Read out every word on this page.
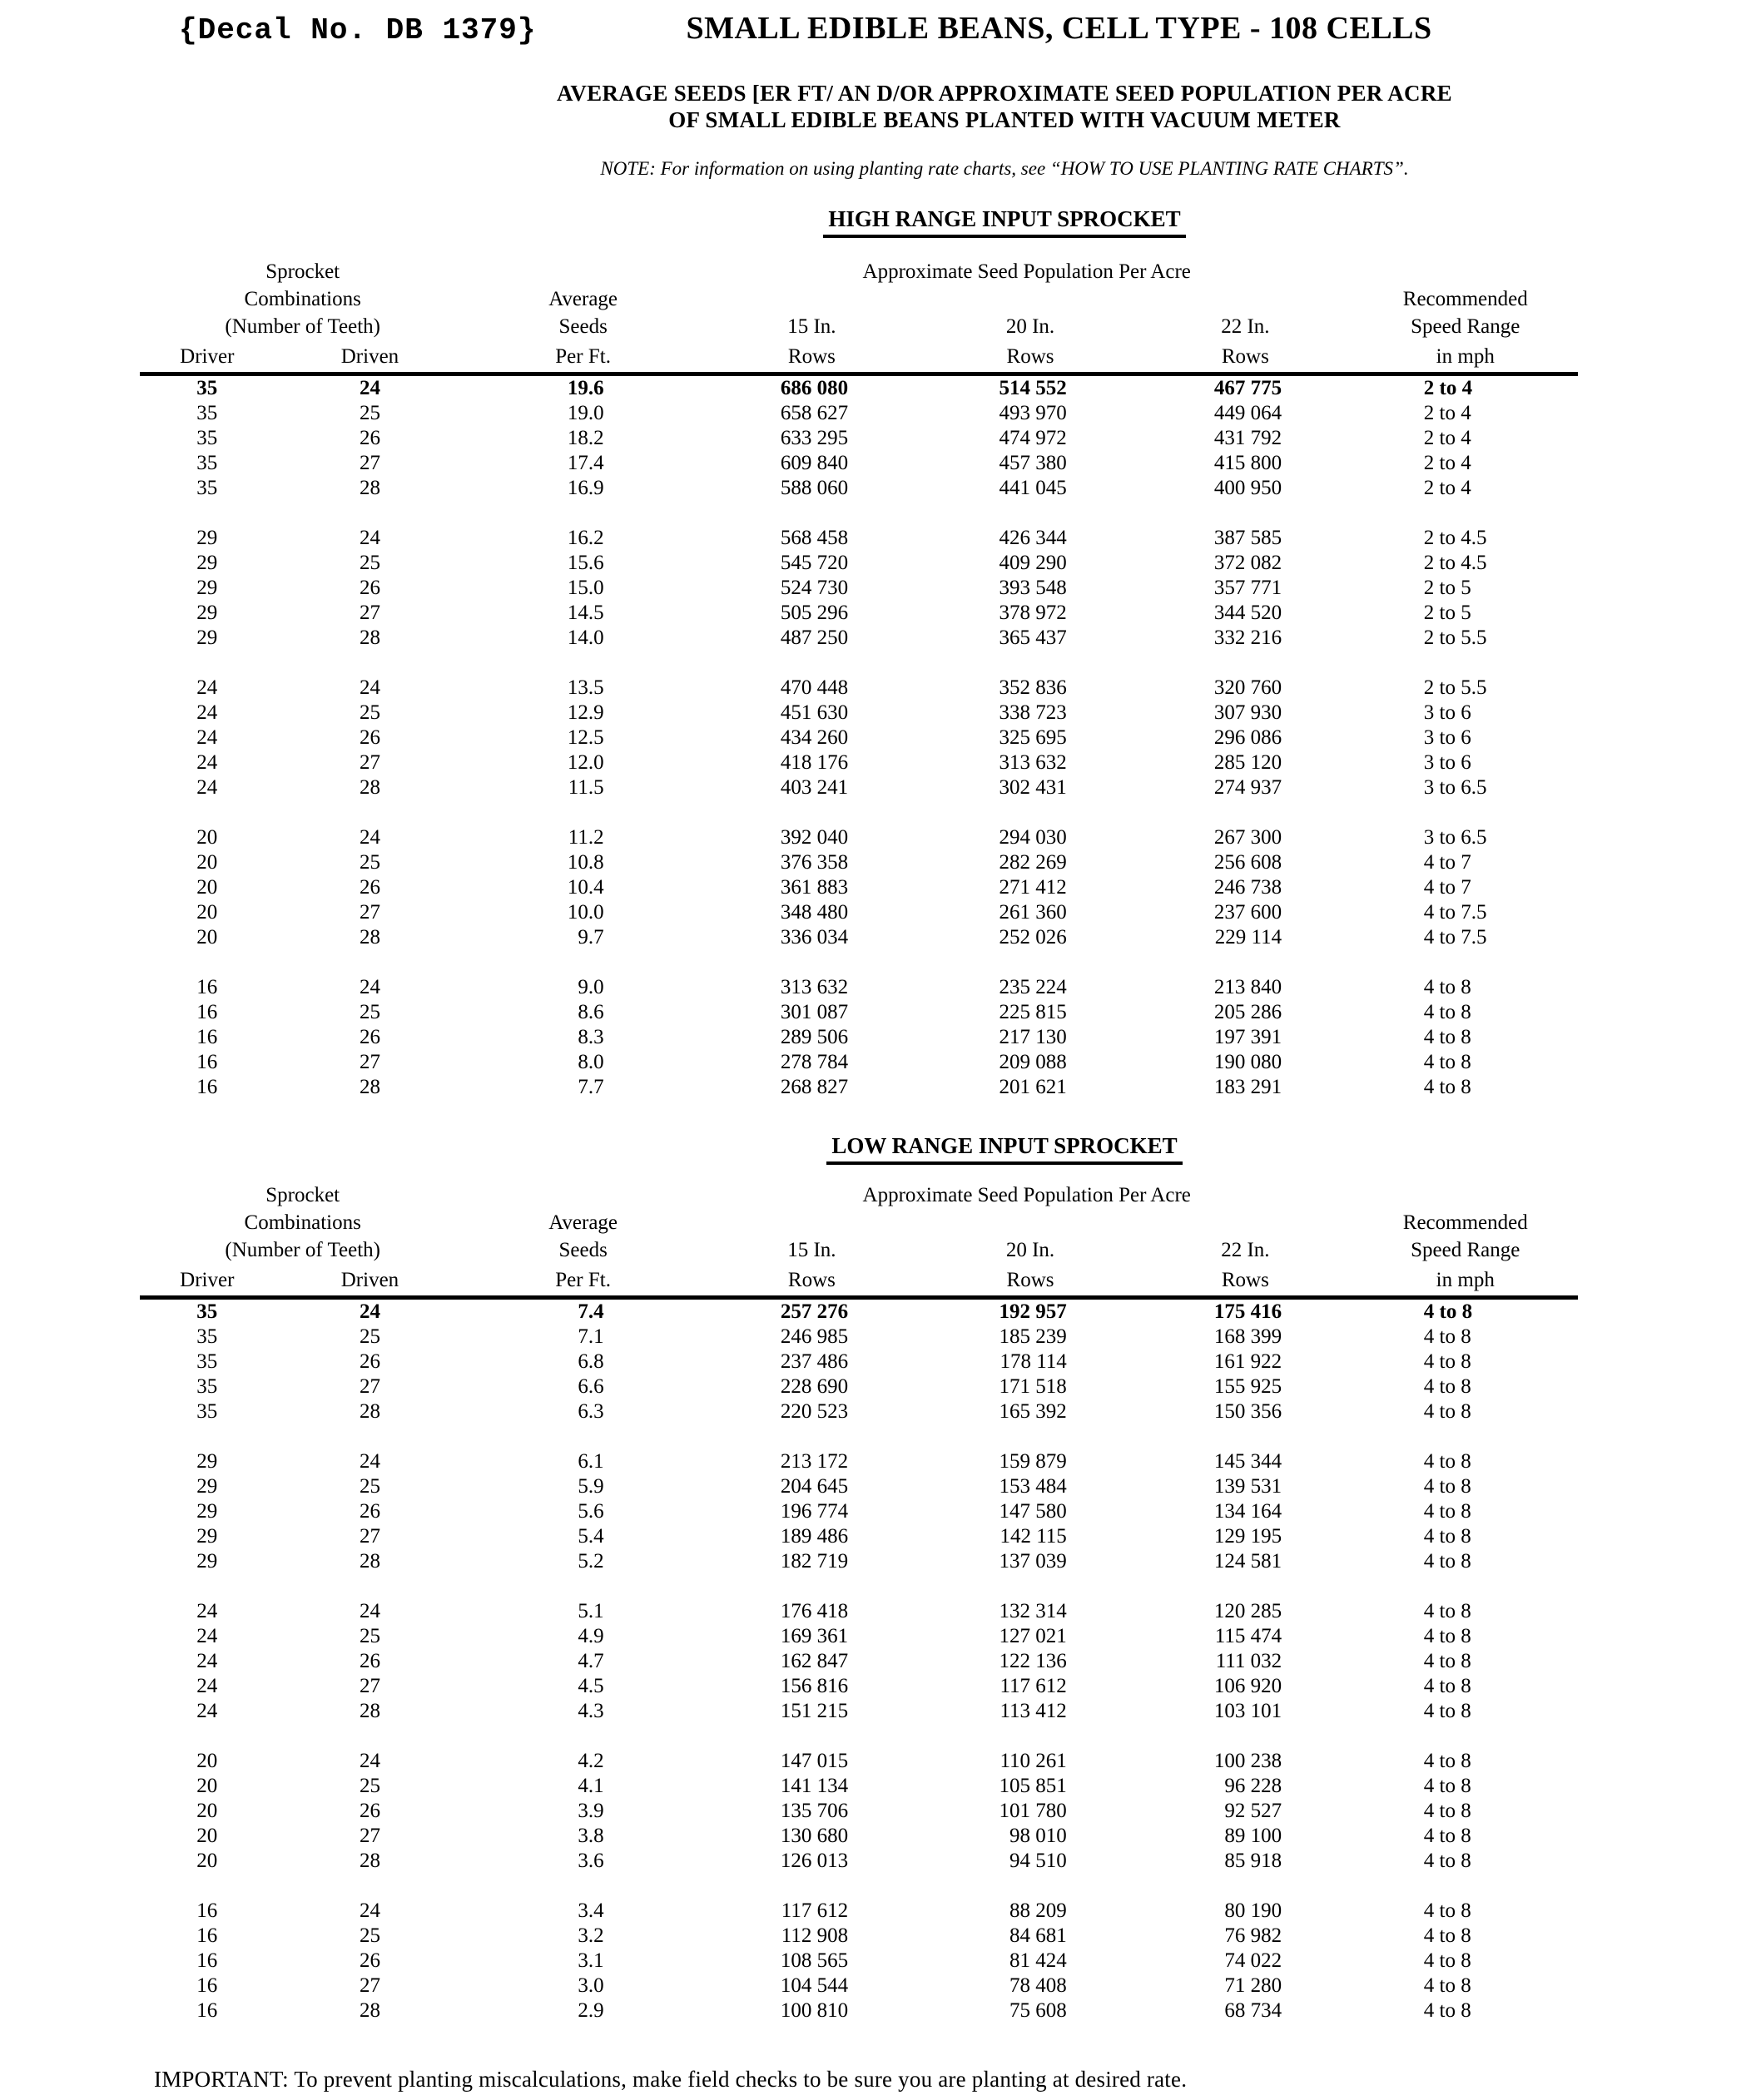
{Decal No. DB 1379}	SMALL EDIBLE BEANS, CELL TYPE - 108 CELLS
AVERAGE SEEDS [ER FT/ AN D/OR APPROXIMATE SEED POPULATION PER ACRE
OF SMALL EDIBLE BEANS PLANTED WITH VACUUM METER
NOTE: For information on using planting rate charts, see “HOW TO USE PLANTING RATE CHARTS”.
HIGH RANGE INPUT SPROCKET
Sprocket			Approximate Seed Population Per Acre			
Combinations		Average				Recommended
(Number of Teeth)		Seeds	15 In.	20 In.	22 In.	Speed Range
Driver	Driven	Per Ft.	Rows	Rows	Rows	in mph
35	24	19.6	686 080	514 552	467 775	2 to 4
35	25	19.0	658 627	493 970	449 064	2 to 4
35	26	18.2	633 295	474 972	431 792	2 to 4
35	27	17.4	609 840	457 380	415 800	2 to 4
35	28	16.9	588 060	441 045	400 950	2 to 4

29	24	16.2	568 458	426 344	387 585	2 to 4.5
29	25	15.6	545 720	409 290	372 082	2 to 4.5
29	26	15.0	524 730	393 548	357 771	2 to 5
29	27	14.5	505 296	378 972	344 520	2 to 5
29	28	14.0	487 250	365 437	332 216	2 to 5.5

24	24	13.5	470 448	352 836	320 760	2 to 5.5
24	25	12.9	451 630	338 723	307 930	3 to 6
24	26	12.5	434 260	325 695	296 086	3 to 6
24	27	12.0	418 176	313 632	285 120	3 to 6
24	28	11.5	403 241	302 431	274 937	3 to 6.5

20	24	11.2	392 040	294 030	267 300	3 to 6.5
20	25	10.8	376 358	282 269	256 608	4 to 7
20	26	10.4	361 883	271 412	246 738	4 to 7
20	27	10.0	348 480	261 360	237 600	4 to 7.5
20	28	9.7	336 034	252 026	229 114	4 to 7.5

16	24	9.0	313 632	235 224	213 840	4 to 8
16	25	8.6	301 087	225 815	205 286	4 to 8
16	26	8.3	289 506	217 130	197 391	4 to 8
16	27	8.0	278 784	209 088	190 080	4 to 8
16	28	7.7	268 827	201 621	183 291	4 to 8
LOW RANGE INPUT SPROCKET
Sprocket			Approximate Seed Population Per Acre			
Combinations		Average				Recommended
(Number of Teeth)		Seeds	15 In.	20 In.	22 In.	Speed Range
Driver	Driven	Per Ft.	Rows	Rows	Rows	in mph
35	24	7.4	257 276	192 957	175 416	4 to 8
35	25	7.1	246 985	185 239	168 399	4 to 8
35	26	6.8	237 486	178 114	161 922	4 to 8
35	27	6.6	228 690	171 518	155 925	4 to 8
35	28	6.3	220 523	165 392	150 356	4 to 8

29	24	6.1	213 172	159 879	145 344	4 to 8
29	25	5.9	204 645	153 484	139 531	4 to 8
29	26	5.6	196 774	147 580	134 164	4 to 8
29	27	5.4	189 486	142 115	129 195	4 to 8
29	28	5.2	182 719	137 039	124 581	4 to 8

24	24	5.1	176 418	132 314	120 285	4 to 8
24	25	4.9	169 361	127 021	115 474	4 to 8
24	26	4.7	162 847	122 136	111 032	4 to 8
24	27	4.5	156 816	117 612	106 920	4 to 8
24	28	4.3	151 215	113 412	103 101	4 to 8

20	24	4.2	147 015	110 261	100 238	4 to 8
20	25	4.1	141 134	105 851	96 228	4 to 8
20	26	3.9	135 706	101 780	92 527	4 to 8
20	27	3.8	130 680	98 010	89 100	4 to 8
20	28	3.6	126 013	94 510	85 918	4 to 8

16	24	3.4	117 612	88 209	80 190	4 to 8
16	25	3.2	112 908	84 681	76 982	4 to 8
16	26	3.1	108 565	81 424	74 022	4 to 8
16	27	3.0	104 544	78 408	71 280	4 to 8
16	28	2.9	100 810	75 608	68 734	4 to 8
IMPORTANT: To prevent planting miscalculations, make field checks to be sure you are planting at desired rate.
